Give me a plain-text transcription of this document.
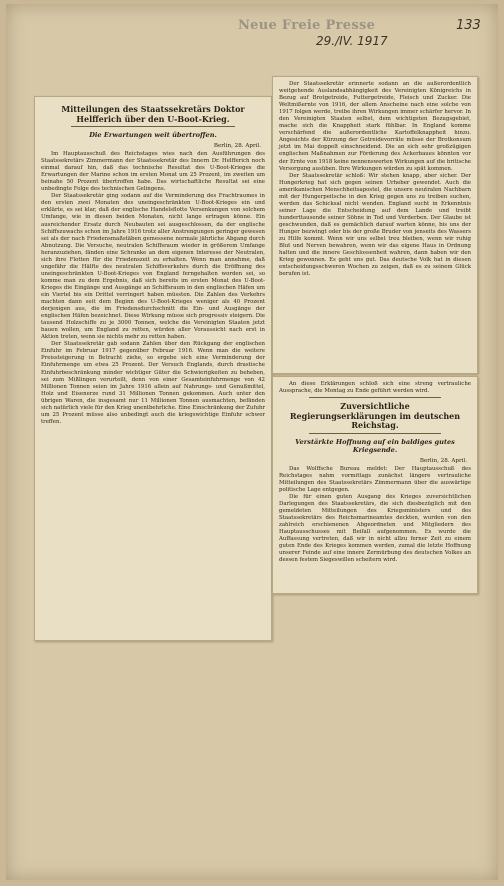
Neue Freie Presse
29./IV. 1917
133
Mitteilungen des Staatssekretärs Doktor Helfferich über den U-Boot-Krieg.
Die Erwartungen weit übertroffen.
Berlin, 28. April.

Im Hauptausschuß des Reichstages wies nach den Ausführungen des Staatssekretärs Zimmermann der Staatssekretär des Innern Dr. Helfferich noch einmal darauf hin, daß das technische Resultat des U-Boot-Krieges die Erwartungen der Marine schon im ersten Monat um 25 Prozent, im zweiten um beinahe 50 Prozent übertroffen habe. Das wirtschaftliche Resultat sei eine unbedingte Folge des technischen Gelingens.

Der Staatssekretär ging sodann auf die Verminderung des Frachtraumes in den ersten zwei Monaten des uneingeschränkten U-Boot-Krieges ein und erklärte, es sei klar, daß der englische Handelsflotte Versenkungen von solchem Umfange, wie in diesen beiden Monaten, nicht lange ertragen könne. Ein ausreichender Ersatz durch Neubauten sei ausgeschlossen, da der englische Schiffszuwachs schon im Jahre 1916 trotz aller Anstrengungen geringer gewesen sei als der nach Friedensmaßstäben gemessene normale jährliche Abgang durch Abnutzung. Die Versuche, neutralen Schiffsraum wieder in größerem Umfange heranzuziehen, fänden eine Schranke an dem eigenen Interesse der Neutralen, sich ihre Flotten für die Friedenszeit zu erhalten. Wenn man annehme, daß ungefähr die Hälfte des neutralen Schiffsverkehrs durch die Eröffnung des uneingeschränkten U-Boot-Krieges von England ferngehalten worden sei, so komme man zu dem Ergebnis, daß sich bereits im ersten Monat des U-Boot-Krieges die Eingänge und Ausgänge an Schiffsraum in den englischen Häfen um ein Viertel bis ein Drittel verringert haben müssten. Die Zahlen des Verkehrs machten dann seit dem Beginn des U-Boot-Krieges weniger als 40 Prozent derjenigen aus, die im Friedensdurchschnitt die Ein- und Ausgänge der englischen Häfen bezeichnet. Diese Wirkung müsse sich progressiv steigern. Die tausend Holzschiffe zu je 3000 Tonnen, welche die Vereinigten Staaten jetzt bauen wollen, um England zu retten, würden aller Voraussicht nach erst in Aktion treten, wenn sie nichts mehr zu retten haben.

Der Staatssekretär gab sodann Zahlen über den Rückgang der englischen Einfuhr im Februar 1917 gegenüber Februar 1916. Wenn man die weitere Preissteigerung in Betracht ziehe, so ergebe sich eine Verminderung der Einfuhrmenge um etwa 25 Prozent. Der Versuch Englands, durch drastische Einfuhrbeschränkung minder wichtiger Güter die Schwierigkeiten zu beheben, sei zum Mißlingen verurteilt, denn von einer Gesamteinfuhrmenge von 42 Millionen Tonnen seien im Jahre 1916 allein auf Nahrungs- und Genußmittel, Holz und Eisenerze rund 31 Millionen Tonnen gekommen. Auch unter den übrigen Waren, die insgesamt nur 11 Millionen Tonnen ausmachten, befänden sich natürlich viele für den Krieg unentbehrliche. Eine Einschränkung der Zufuhr um 25 Prozent müsse also unbedingt auch die kriegswichtige Einfuhr schwer treffen.

Der Staatssekretär erinnerte sodann an die außerordentlich weitgehende Auslandsabhängigkeit des Vereinigten Königreichs in Bezug auf Brotgetreide, Futtergetreide, Fleisch und Zucker. Die Weltmißernte von 1916, der allem Anscheine nach eine solche von 1917 folgen werde, treibe ihren Wirkungen immer schärfer hervor. In den Vereinigten Staaten selbst, dem wichtigsten Bezugsgebiet, mache sich die Knappheit stark fühlbar. In England komme verschärfend die außerordentliche Kartoffelknappheit hinzu. Angesichts der Kürzung der Getreidevorräte müsse der Brotkonsum jetzt im Mai doppelt einschneidend. Die an sich sehr großzügigen englischen Maßnahmen zur Förderung des Ackerbaues könnten vor der Ernte von 1918 keine nennenswerten Wirkungen auf die britische Versorgung ausüben. Ihre Wirkungen würden zu spät kommen.

Der Staatssekretär schloß: Wir stehen knapp, aber sicher. Der Hungerkrieg hat sich gegen seinen Urheber gewendet. Auch die amerikanischen Menschheitsapostel, die unsere neutralen Nachbarn mit der Hungerpeitsche in den Krieg gegen uns zu treiben suchen, werden das Schicksal nicht wenden. England sucht in Erkenntnis seiner Lage die Entscheidung auf dem Lande und treibt hunderttausende seiner Söhne in Tod und Verderben. Der Glaube ist geschwunden, daß es gemächlich darauf warten könne, bis uns der Hunger bezwingt oder bis der große Bruder von jenseits des Wassers zu Hilfe kommt. Wenn wir uns selbst treu bleiben, wenn wir ruhig Blut und Nerven bewahren, wenn wir das eigene Haus in Ordnung halten und die innere Geschlossenheit wahren, dann haben wir den Krieg gewonnen. Es geht uns gut. Das deutsche Volk hat in diesen entscheidungsschweren Wochen zu zeigen, daß es zu seinem Glück berufen ist.

An diese Erklärungen schloß sich eine streng vertrauliche Aussprache, die Montag zu Ende geführt werden wird.

Zuversichtliche Regierungserklärungen im deutschen Reichstag.
Verstärkte Hoffnung auf ein baldiges gutes Kriegsende.
Berlin, 28. April.

Das Wolffsche Bureau meldet: Der Hauptausschuß des Reichstages nahm vormittags zunächst längere vertrauliche Mitteilungen des Staatssekretärs Zimmermann über die auswärtige politische Lage entgegen.

Die für einen guten Ausgang des Krieges zuversichtlichen Darlegungen des Staatssekretärs, die sich diesbezüglich mit den gemeldeten Mitteilungen des Kriegsministers und des Staatssekretärs des Reichsmarineamtes deckten, wurden von den zahlreich erschienenen Abgeordneten und Mitgliedern des Hauptausschusses mit Beifall aufgenommen. Es wurde die Auffassung vertreten, daß wir in nicht allzu ferner Zeit zu einem guten Ende des Krieges kommen werden, zumal die letzte Hoffnung unserer Feinde auf eine innere Zermürbung des deutschen Volkes an dessen festem Siegeswillen scheitern wird.
